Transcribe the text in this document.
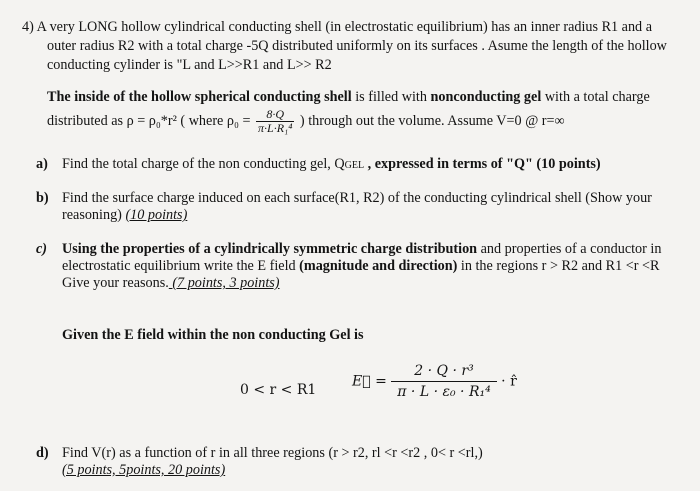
4) A very LONG hollow cylindrical conducting shell (in electrostatic equilibrium) has an inner radius R1 and a
outer radius R2 with a total charge -5Q distributed uniformly on its surfaces . Asume the length of the hollow
conducting cylinder is "L and L>>R1 and L>> R2
The inside of the hollow spherical conducting shell is filled with nonconducting gel with a total charge
distributed as ρ = ρ₀*r² ( where $\rho_0 = \frac{8\cdot Q}{\text{π·L·R₁⁴}}$ ) through out the volume. Assume V=0 @ r=∞
a) Find the total charge of the non conducting gel, QGEL , expressed in terms of "Q" (10 points)
b) Find the surface charge induced on each surface(R1, R2) of the conducting cylindrical shell (Show your
reasoning) (10 points)
c) Using the properties of a cylindrically symmetric charge distribution and properties of a conductor in
electrostatic equilibrium write the E field (magnitude and direction) in the regions r > R2 and R1 <r <R
Give your reasons. (7 points, 3 points)
Given the E field within the non conducting Gel is
0 < r < R1
E⃗ = $\frac{\text{2 · Q · r³}}{\text{π · L · ε₀ · R₁⁴}}$ · r̂
d) Find V(r) as a function of r in all three regions (r > r2, rl <r <r2 , 0< r <rl,)
(5 points, 5points, 20 points)
